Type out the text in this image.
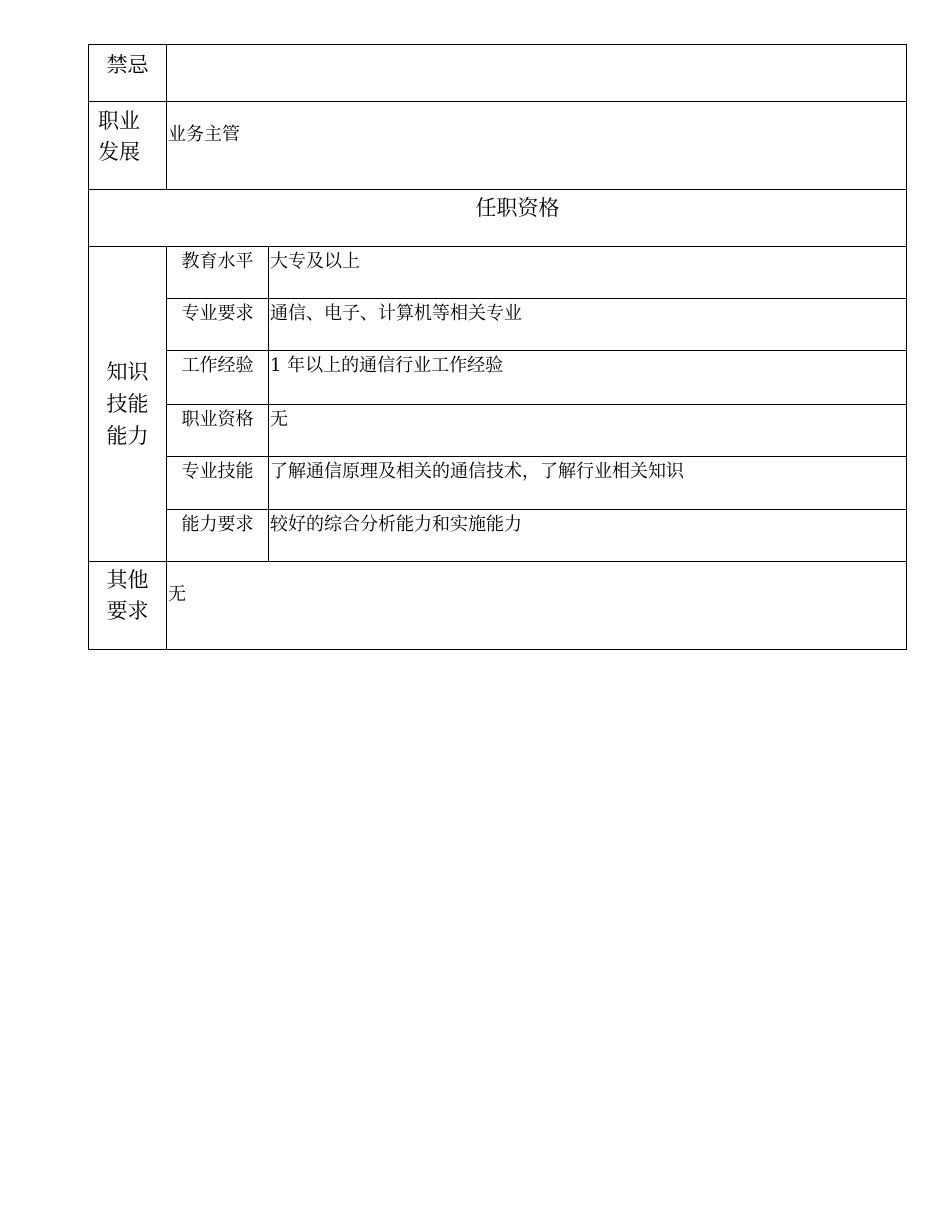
禁忌		
职业发展	业务主管	
任职资格		
知识技能能力	教育水平	大专及以上
	专业要求	通信、电子、计算机等相关专业
	工作经验	1 年以上的通信行业工作经验
	职业资格	无
	专业技能	了解通信原理及相关的通信技术，了解行业相关知识
	能力要求	较好的综合分析能力和实施能力
其他要求	无	
